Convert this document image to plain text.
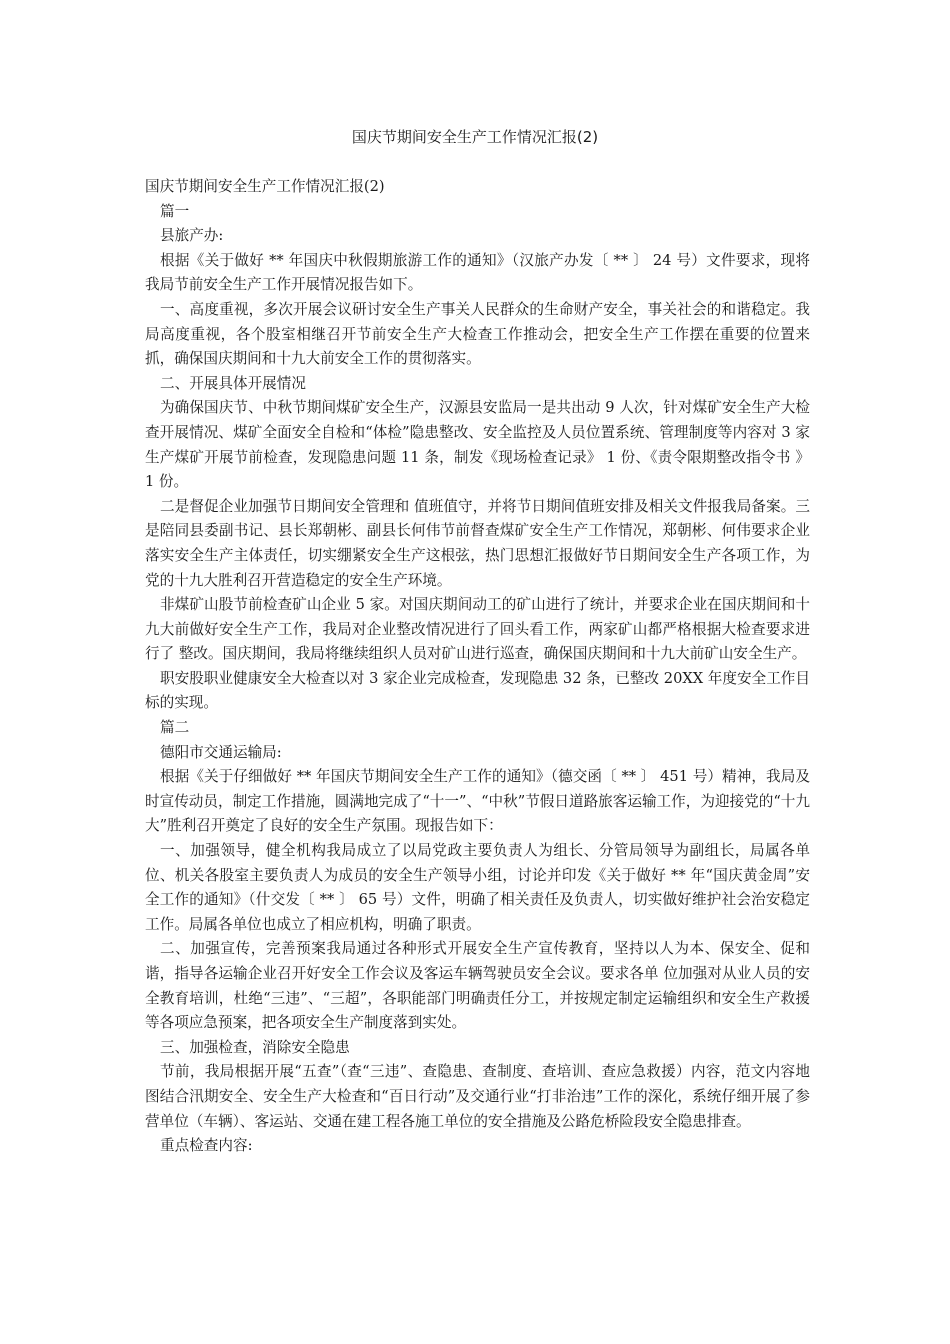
国庆节期间安全生产工作情况汇报(2)

国庆节期间安全生产工作情况汇报(2)

篇一

县旅产办:

根据《关于做好 ** 年国庆中秋假期旅游工作的通知》（汉旅产办发〔 ** 〕 24 号）文件要求，现将我局节前安全生产工作开展情况报告如下。

一、高度重视，多次开展会议研讨安全生产事关人民群众的生命财产安全，事关社会的和谐稳定。我局高度重视，各个股室相继召开节前安全生产大检查工作推动会，把安全生产工作摆在重要的位置来抓，确保国庆期间和十九大前安全工作的贯彻落实。

二、开展具体开展情况

为确保国庆节、中秋节期间煤矿安全生产，汉源县安监局一是共出动 9 人次，针对煤矿安全生产大检查开展情况、煤矿全面安全自检和“体检”隐患整改、安全监控及人员位置系统、管理制度等内容对 3 家生产煤矿开展节前检查，发现隐患问题 11 条，制发《现场检查记录》 1 份、《责令限期整改指令书 》 1 份。

二是督促企业加强节日期间安全管理和 值班值守，并将节日期间值班安排及相关文件报我局备案。三是陪同县委副书记、县长郑朝彬、副县长何伟节前督查煤矿安全生产工作情况，郑朝彬、何伟要求企业落实安全生产主体责任，切实绷紧安全生产这根弦，热门思想汇报做好节日期间安全生产各项工作，为党的十九大胜利召开营造稳定的安全生产环境。

非煤矿山股节前检查矿山企业 5 家。对国庆期间动工的矿山进行了统计，并要求企业在国庆期间和十九大前做好安全生产工作，我局对企业整改情况进行了回头看工作，两家矿山都严格根据大检查要求进行了 整改。国庆期间，我局将继续组织人员对矿山进行巡查，确保国庆期间和十九大前矿山安全生产。

职安股职业健康安全大检查以对 3 家企业完成检查，发现隐患 32 条，已整改 20XX 年度安全工作目标的实现。

篇二

德阳市交通运输局:

根据《关于仔细做好 ** 年国庆节期间安全生产工作的通知》（德交函〔 ** 〕 451 号）精神，我局及时宣传动员，制定工作措施，圆满地完成了“十一”、“中秋”节假日道路旅客运输工作，为迎接党的“十九大”胜利召开奠定了良好的安全生产氛围。现报告如下：

一、加强领导，健全机构我局成立了以局党政主要负责人为组长、分管局领导为副组长，局属各单位、机关各股室主要负责人为成员的安全生产领导小组，讨论并印发《关于做好 ** 年“国庆黄金周”安全工作的通知》（什交发〔 ** 〕 65 号）文件，明确了相关责任及负责人，切实做好维护社会治安稳定工作。局属各单位也成立了相应机构，明确了职责。

二、加强宣传，完善预案我局通过各种形式开展安全生产宣传教育，坚持以人为本、保安全、促和谐，指导各运输企业召开好安全工作会议及客运车辆驾驶员安全会议。要求各单 位加强对从业人员的安全教育培训，杜绝“三违”、“三超”，各职能部门明确责任分工，并按规定制定运输组织和安全生产救援等各项应急预案，把各项安全生产制度落到实处。

三、加强检查，消除安全隐患

节前，我局根据开展“五查”（查“三违”、查隐患、查制度、查培训、查应急救援）内容，范文内容地图结合汛期安全、安全生产大检查和“百日行动”及交通行业“打非治违”工作的深化，系统仔细开展了参营单位（车辆）、客运站、交通在建工程各施工单位的安全措施及公路危桥险段安全隐患排查。

重点检查内容:
